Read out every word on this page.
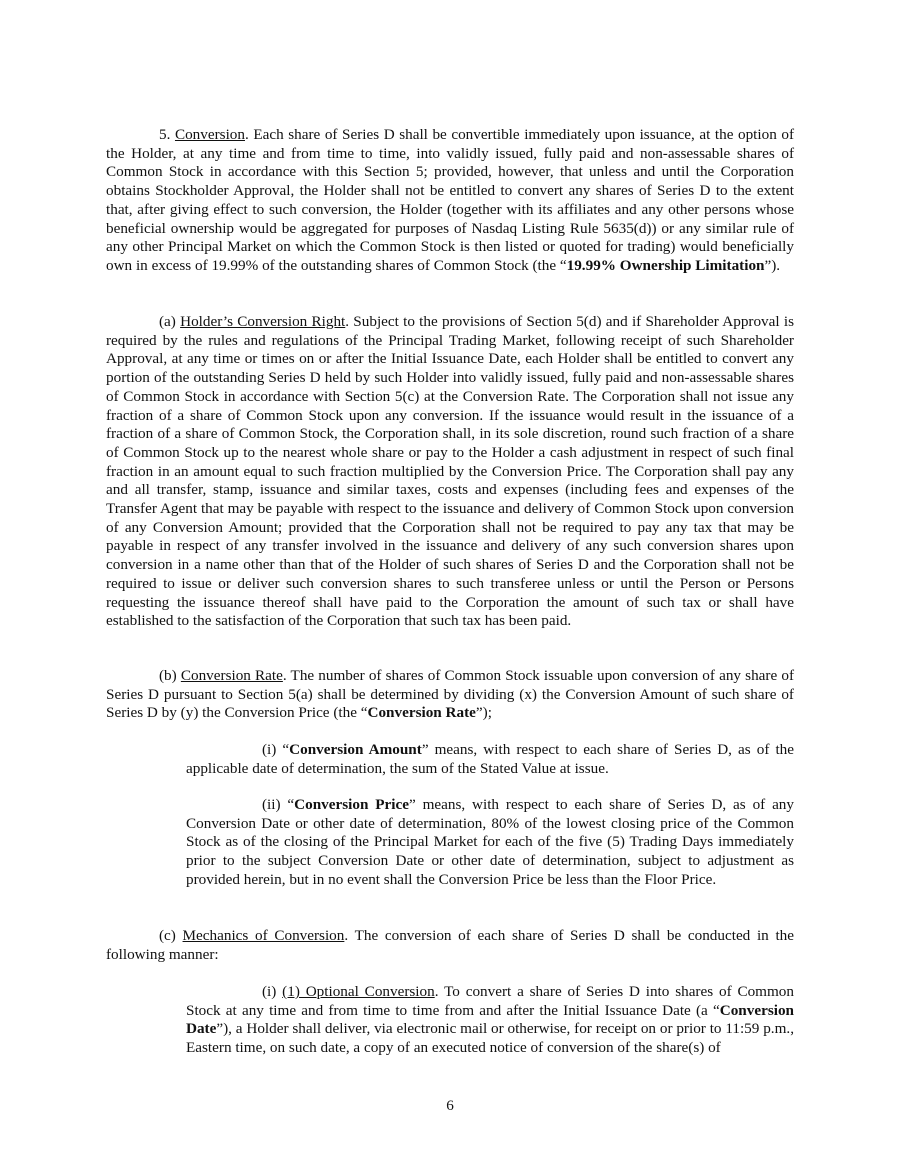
5. Conversion. Each share of Series D shall be convertible immediately upon issuance, at the option of the Holder, at any time and from time to time, into validly issued, fully paid and non-assessable shares of Common Stock in accordance with this Section 5; provided, however, that unless and until the Corporation obtains Stockholder Approval, the Holder shall not be entitled to convert any shares of Series D to the extent that, after giving effect to such conversion, the Holder (together with its affiliates and any other persons whose beneficial ownership would be aggregated for purposes of Nasdaq Listing Rule 5635(d)) or any similar rule of any other Principal Market on which the Common Stock is then listed or quoted for trading) would beneficially own in excess of 19.99% of the outstanding shares of Common Stock (the “19.99% Ownership Limitation”).

(a) Holder’s Conversion Right. Subject to the provisions of Section 5(d) and if Shareholder Approval is required by the rules and regulations of the Principal Trading Market, following receipt of such Shareholder Approval, at any time or times on or after the Initial Issuance Date, each Holder shall be entitled to convert any portion of the outstanding Series D held by such Holder into validly issued, fully paid and non-assessable shares of Common Stock in accordance with Section 5(c) at the Conversion Rate. The Corporation shall not issue any fraction of a share of Common Stock upon any conversion. If the issuance would result in the issuance of a fraction of a share of Common Stock, the Corporation shall, in its sole discretion, round such fraction of a share of Common Stock up to the nearest whole share or pay to the Holder a cash adjustment in respect of such final fraction in an amount equal to such fraction multiplied by the Conversion Price. The Corporation shall pay any and all transfer, stamp, issuance and similar taxes, costs and expenses (including fees and expenses of the Transfer Agent that may be payable with respect to the issuance and delivery of Common Stock upon conversion of any Conversion Amount; provided that the Corporation shall not be required to pay any tax that may be payable in respect of any transfer involved in the issuance and delivery of any such conversion shares upon conversion in a name other than that of the Holder of such shares of Series D and the Corporation shall not be required to issue or deliver such conversion shares to such transferee unless or until the Person or Persons requesting the issuance thereof shall have paid to the Corporation the amount of such tax or shall have established to the satisfaction of the Corporation that such tax has been paid.

(b) Conversion Rate. The number of shares of Common Stock issuable upon conversion of any share of Series D pursuant to Section 5(a) shall be determined by dividing (x) the Conversion Amount of such share of Series D by (y) the Conversion Price (the “Conversion Rate”);

(i) “Conversion Amount” means, with respect to each share of Series D, as of the applicable date of determination, the sum of the Stated Value at issue.

(ii) “Conversion Price” means, with respect to each share of Series D, as of any Conversion Date or other date of determination, 80% of the lowest closing price of the Common Stock as of the closing of the Principal Market for each of the five (5) Trading Days immediately prior to the subject Conversion Date or other date of determination, subject to adjustment as provided herein, but in no event shall the Conversion Price be less than the Floor Price.

(c) Mechanics of Conversion. The conversion of each share of Series D shall be conducted in the following manner:

(i) (1) Optional Conversion. To convert a share of Series D into shares of Common Stock at any time and from time to time from and after the Initial Issuance Date (a “Conversion Date”), a Holder shall deliver, via electronic mail or otherwise, for receipt on or prior to 11:59 p.m., Eastern time, on such date, a copy of an executed notice of conversion of the share(s) of

6
